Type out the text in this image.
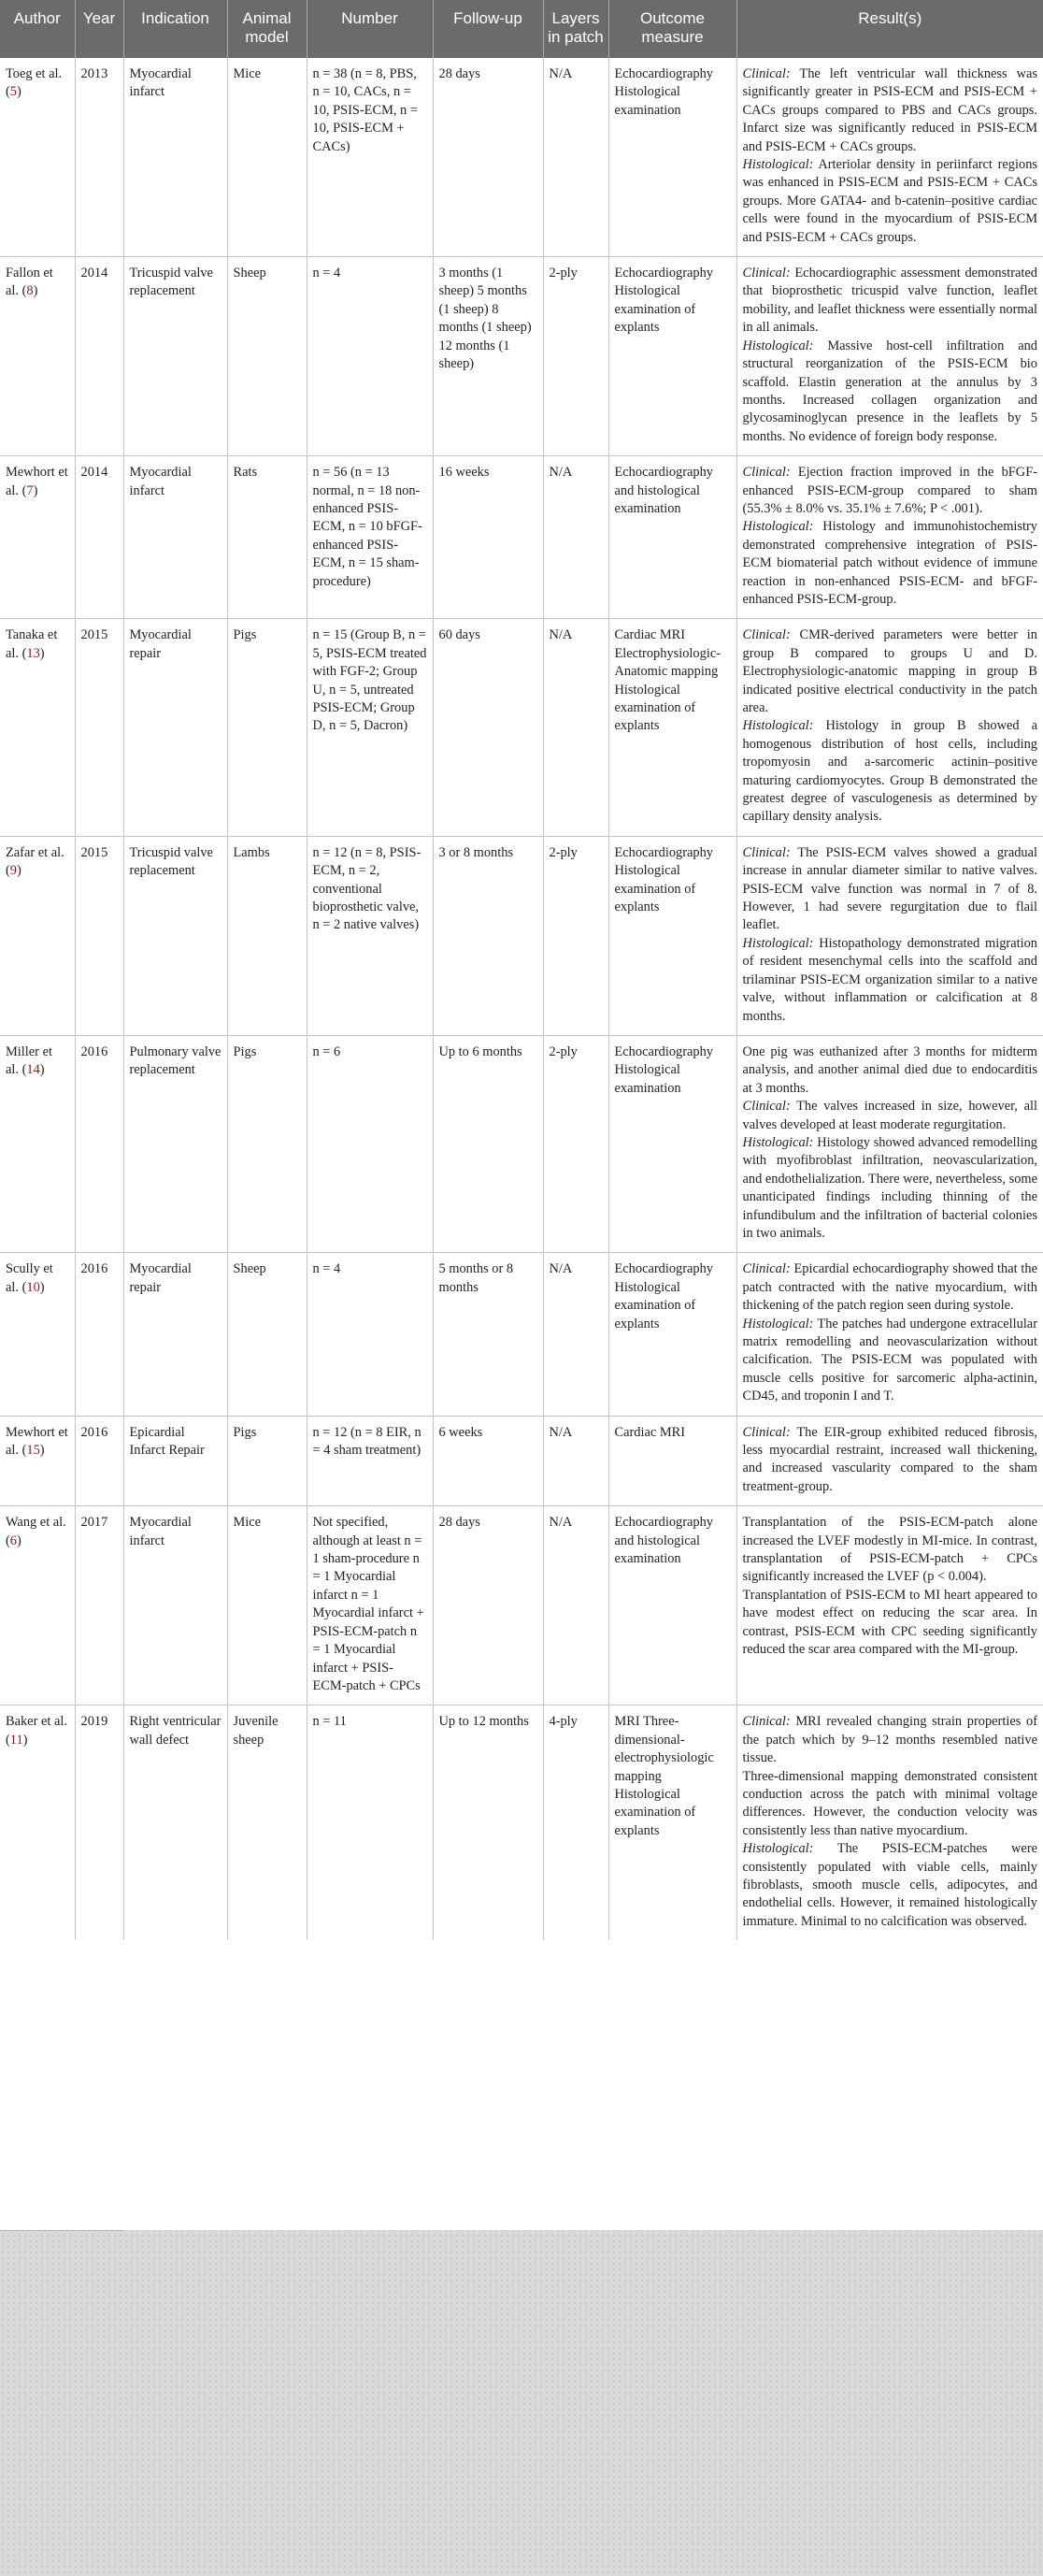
Author	Year	Indication	Animal model	Number	Follow-up	Layers in patch	Outcome measure	Result(s)
Toeg et al. (5)	2013	Myocardial infarct	Mice	n = 38 (n = 8, PBS, n = 10, CACs, n = 10, PSIS-ECM, n = 10, PSIS-ECM + CACs)	28 days	N/A	Echocardiography Histological examination	Clinical: The left ventricular wall thickness was significantly greater in PSIS-ECM and PSIS-ECM + CACs groups compared to PBS and CACs groups. Infarct size was significantly reduced in PSIS-ECM and PSIS-ECM + CACs groups.

Histological: Arteriolar density in periinfarct regions was enhanced in PSIS-ECM and PSIS-ECM + CACs groups. More GATA4- and b-catenin–positive cardiac cells were found in the myocardium of PSIS-ECM and PSIS-ECM + CACs groups.

Fallon et al. (8)	2014	Tricuspid valve replacement	Sheep	n = 4	3 months (1 sheep) 5 months (1 sheep) 8 months (1 sheep) 12 months (1 sheep)	2-ply	Echocardiography Histological examination of explants	Clinical: Echocardiographic assessment demonstrated that bioprosthetic tricuspid valve function, leaflet mobility, and leaflet thickness were essentially normal in all animals.

Histological: Massive host-cell infiltration and structural reorganization of the PSIS-ECM bio scaffold. Elastin generation at the annulus by 3 months. Increased collagen organization and glycosaminoglycan presence in the leaflets by 5 months. No evidence of foreign body response.

Mewhort et al. (7)	2014	Myocardial infarct	Rats	n = 56 (n = 13 normal, n = 18 non-enhanced PSIS-ECM, n = 10 bFGF-enhanced PSIS-ECM, n = 15 sham-procedure)	16 weeks	N/A	Echocardiography and histological examination	Clinical: Ejection fraction improved in the bFGF-enhanced PSIS-ECM-group compared to sham (55.3% ± 8.0% vs. 35.1% ± 7.6%; P < .001).

Histological: Histology and immunohistochemistry demonstrated comprehensive integration of PSIS-ECM biomaterial patch without evidence of immune reaction in non-enhanced PSIS-ECM- and bFGF-enhanced PSIS-ECM-group.

Tanaka et al. (13)	2015	Myocardial repair	Pigs	n = 15 (Group B, n = 5, PSIS-ECM treated with FGF-2; Group U, n = 5, untreated PSIS-ECM; Group D, n = 5, Dacron)	60 days	N/A	Cardiac MRI Electrophysiologic-Anatomic mapping Histological examination of explants	Clinical: CMR-derived parameters were better in group B compared to groups U and D. Electrophysiologic-anatomic mapping in group B indicated positive electrical conductivity in the patch area.

Histological: Histology in group B showed a homogenous distribution of host cells, including tropomyosin and a-sarcomeric actinin–positive maturing cardiomyocytes. Group B demonstrated the greatest degree of vasculogenesis as determined by capillary density analysis.

Zafar et al. (9)	2015	Tricuspid valve replacement	Lambs	n = 12 (n = 8, PSIS-ECM, n = 2, conventional bioprosthetic valve, n = 2 native valves)	3 or 8 months	2-ply	Echocardiography Histological examination of explants	Clinical: The PSIS-ECM valves showed a gradual increase in annular diameter similar to native valves. PSIS-ECM valve function was normal in 7 of 8. However, 1 had severe regurgitation due to flail leaflet.

Histological: Histopathology demonstrated migration of resident mesenchymal cells into the scaffold and trilaminar PSIS-ECM organization similar to a native valve, without inflammation or calcification at 8 months.

Miller et al. (14)	2016	Pulmonary valve replacement	Pigs	n = 6	Up to 6 months	2-ply	Echocardiography Histological examination	One pig was euthanized after 3 months for midterm analysis, and another animal died due to endocarditis at 3 months.

Clinical: The valves increased in size, however, all valves developed at least moderate regurgitation.

Histological: Histology showed advanced remodelling with myofibroblast infiltration, neovascularization, and endothelialization. There were, nevertheless, some unanticipated findings including thinning of the infundibulum and the infiltration of bacterial colonies in two animals.

Scully et al. (10)	2016	Myocardial repair	Sheep	n = 4	5 months or 8 months	N/A	Echocardiography Histological examination of explants	Clinical: Epicardial echocardiography showed that the patch contracted with the native myocardium, with thickening of the patch region seen during systole.

Histological: The patches had undergone extracellular matrix remodelling and neovascularization without calcification. The PSIS-ECM was populated with muscle cells positive for sarcomeric alpha-actinin, CD45, and troponin I and T.

Mewhort et al. (15)	2016	Epicardial Infarct Repair	Pigs	n = 12 (n = 8 EIR, n = 4 sham treatment)	6 weeks	N/A	Cardiac MRI	Clinical: The EIR-group exhibited reduced fibrosis, less myocardial restraint, increased wall thickening, and increased vascularity compared to the sham treatment-group.

Wang et al. (6)	2017	Myocardial infarct	Mice	Not specified, although at least n = 1 sham-procedure n = 1 Myocardial infarct n = 1 Myocardial infarct + PSIS-ECM-patch n = 1 Myocardial infarct + PSIS-ECM-patch + CPCs	28 days	N/A	Echocardiography and histological examination	Transplantation of the PSIS-ECM-patch alone increased the LVEF modestly in MI-mice. In contrast, transplantation of PSIS-ECM-patch + CPCs significantly increased the LVEF (p < 0.004).

Transplantation of PSIS-ECM to MI heart appeared to have modest effect on reducing the scar area. In contrast, PSIS-ECM with CPC seeding significantly reduced the scar area compared with the MI-group.

Baker et al. (11)	2019	Right ventricular wall defect	Juvenile sheep	n = 11	Up to 12 months	4-ply	MRI Three-dimensional-electrophysiologic mapping Histological examination of explants	Clinical: MRI revealed changing strain properties of the patch which by 9–12 months resembled native tissue.

Three-dimensional mapping demonstrated consistent conduction across the patch with minimal voltage differences. However, the conduction velocity was consistently less than native myocardium.

Histological: The PSIS-ECM-patches were consistently populated with viable cells, mainly fibroblasts, smooth muscle cells, adipocytes, and endothelial cells. However, it remained histologically immature. Minimal to no calcification was observed.
